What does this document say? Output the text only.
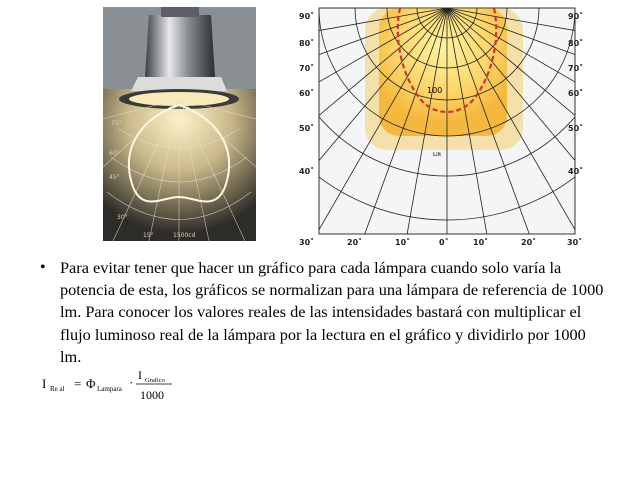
75°
60°
45°
30°
15°	1500cd
100
Lilt
90˚
80˚
70˚
60˚
50˚
40˚
90˚
80˚
70˚
60˚
50˚
40˚
30˚	20˚	10˚	0˚	10˚	20˚	30˚
• Para evitar tener que hacer un gráfico para cada lámpara cuando solo varía la potencia de esta, los gráficos se normalizan para una lámpara de referencia de 1000 lm. Para conocer los valores reales de las intensidades bastará con multiplicar el flujo luminoso real de la lámpara por la lectura en el gráfico y dividirlo por 1000 lm.
I Re al = Φ Lampara · I Grafico
1000
